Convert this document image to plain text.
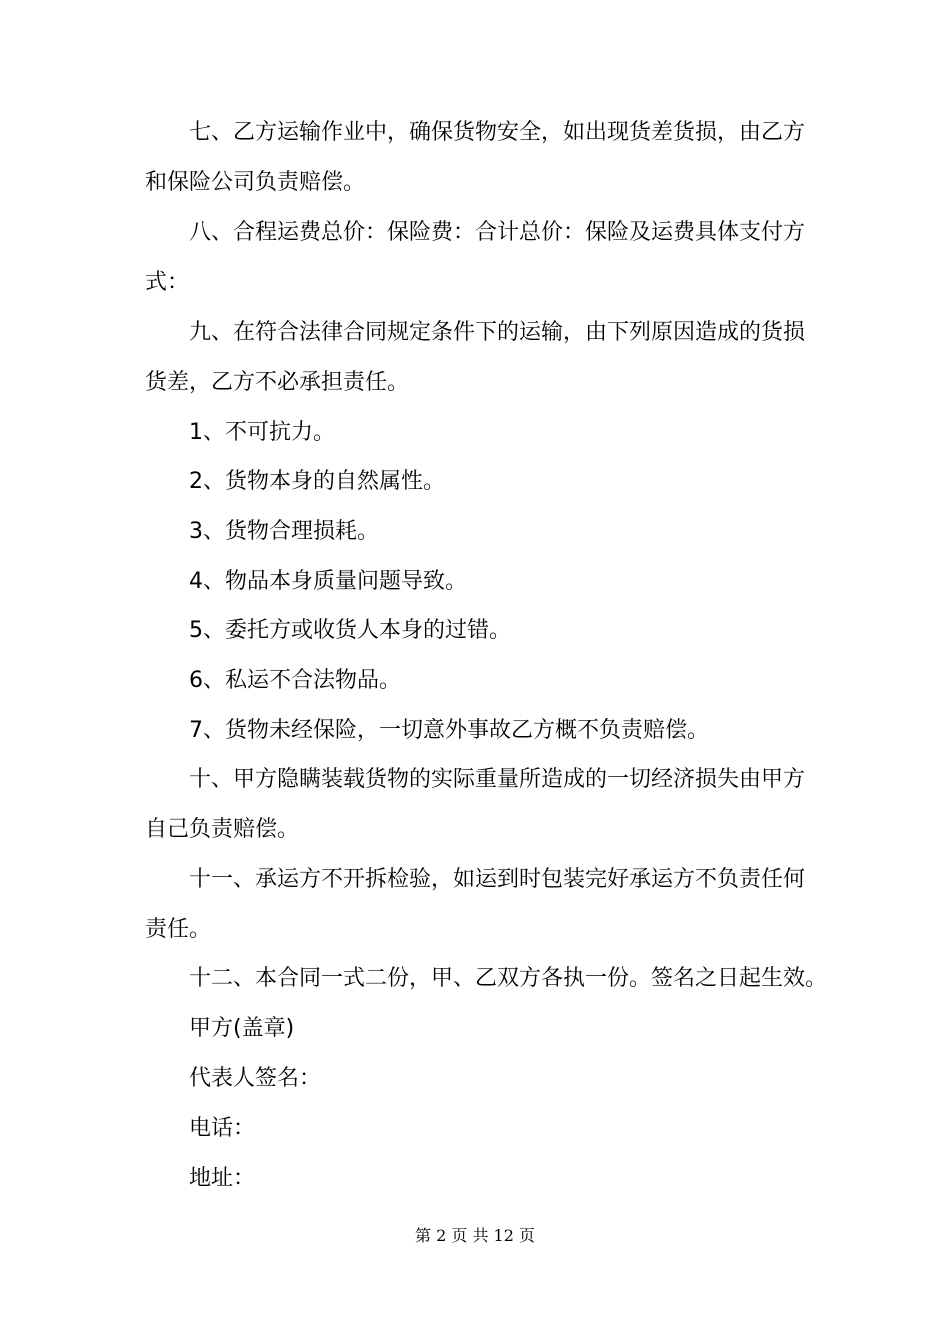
七、乙方运输作业中，确保货物安全，如出现货差货损，由乙方和保险公司负责赔偿。
八、合程运费总价：保险费：合计总价：保险及运费具体支付方式：
九、在符合法律合同规定条件下的运输，由下列原因造成的货损货差，乙方不必承担责任。
1、不可抗力。
2、货物本身的自然属性。
3、货物合理损耗。
4、物品本身质量问题导致。
5、委托方或收货人本身的过错。
6、私运不合法物品。
7、货物未经保险，一切意外事故乙方概不负责赔偿。
十、甲方隐瞒装载货物的实际重量所造成的一切经济损失由甲方自己负责赔偿。
十一、承运方不开拆检验，如运到时包装完好承运方不负责任何责任。
十二、本合同一式二份，甲、乙双方各执一份。签名之日起生效。
甲方(盖章)
代表人签名：
电话：
地址：
第 2 页 共 12 页
